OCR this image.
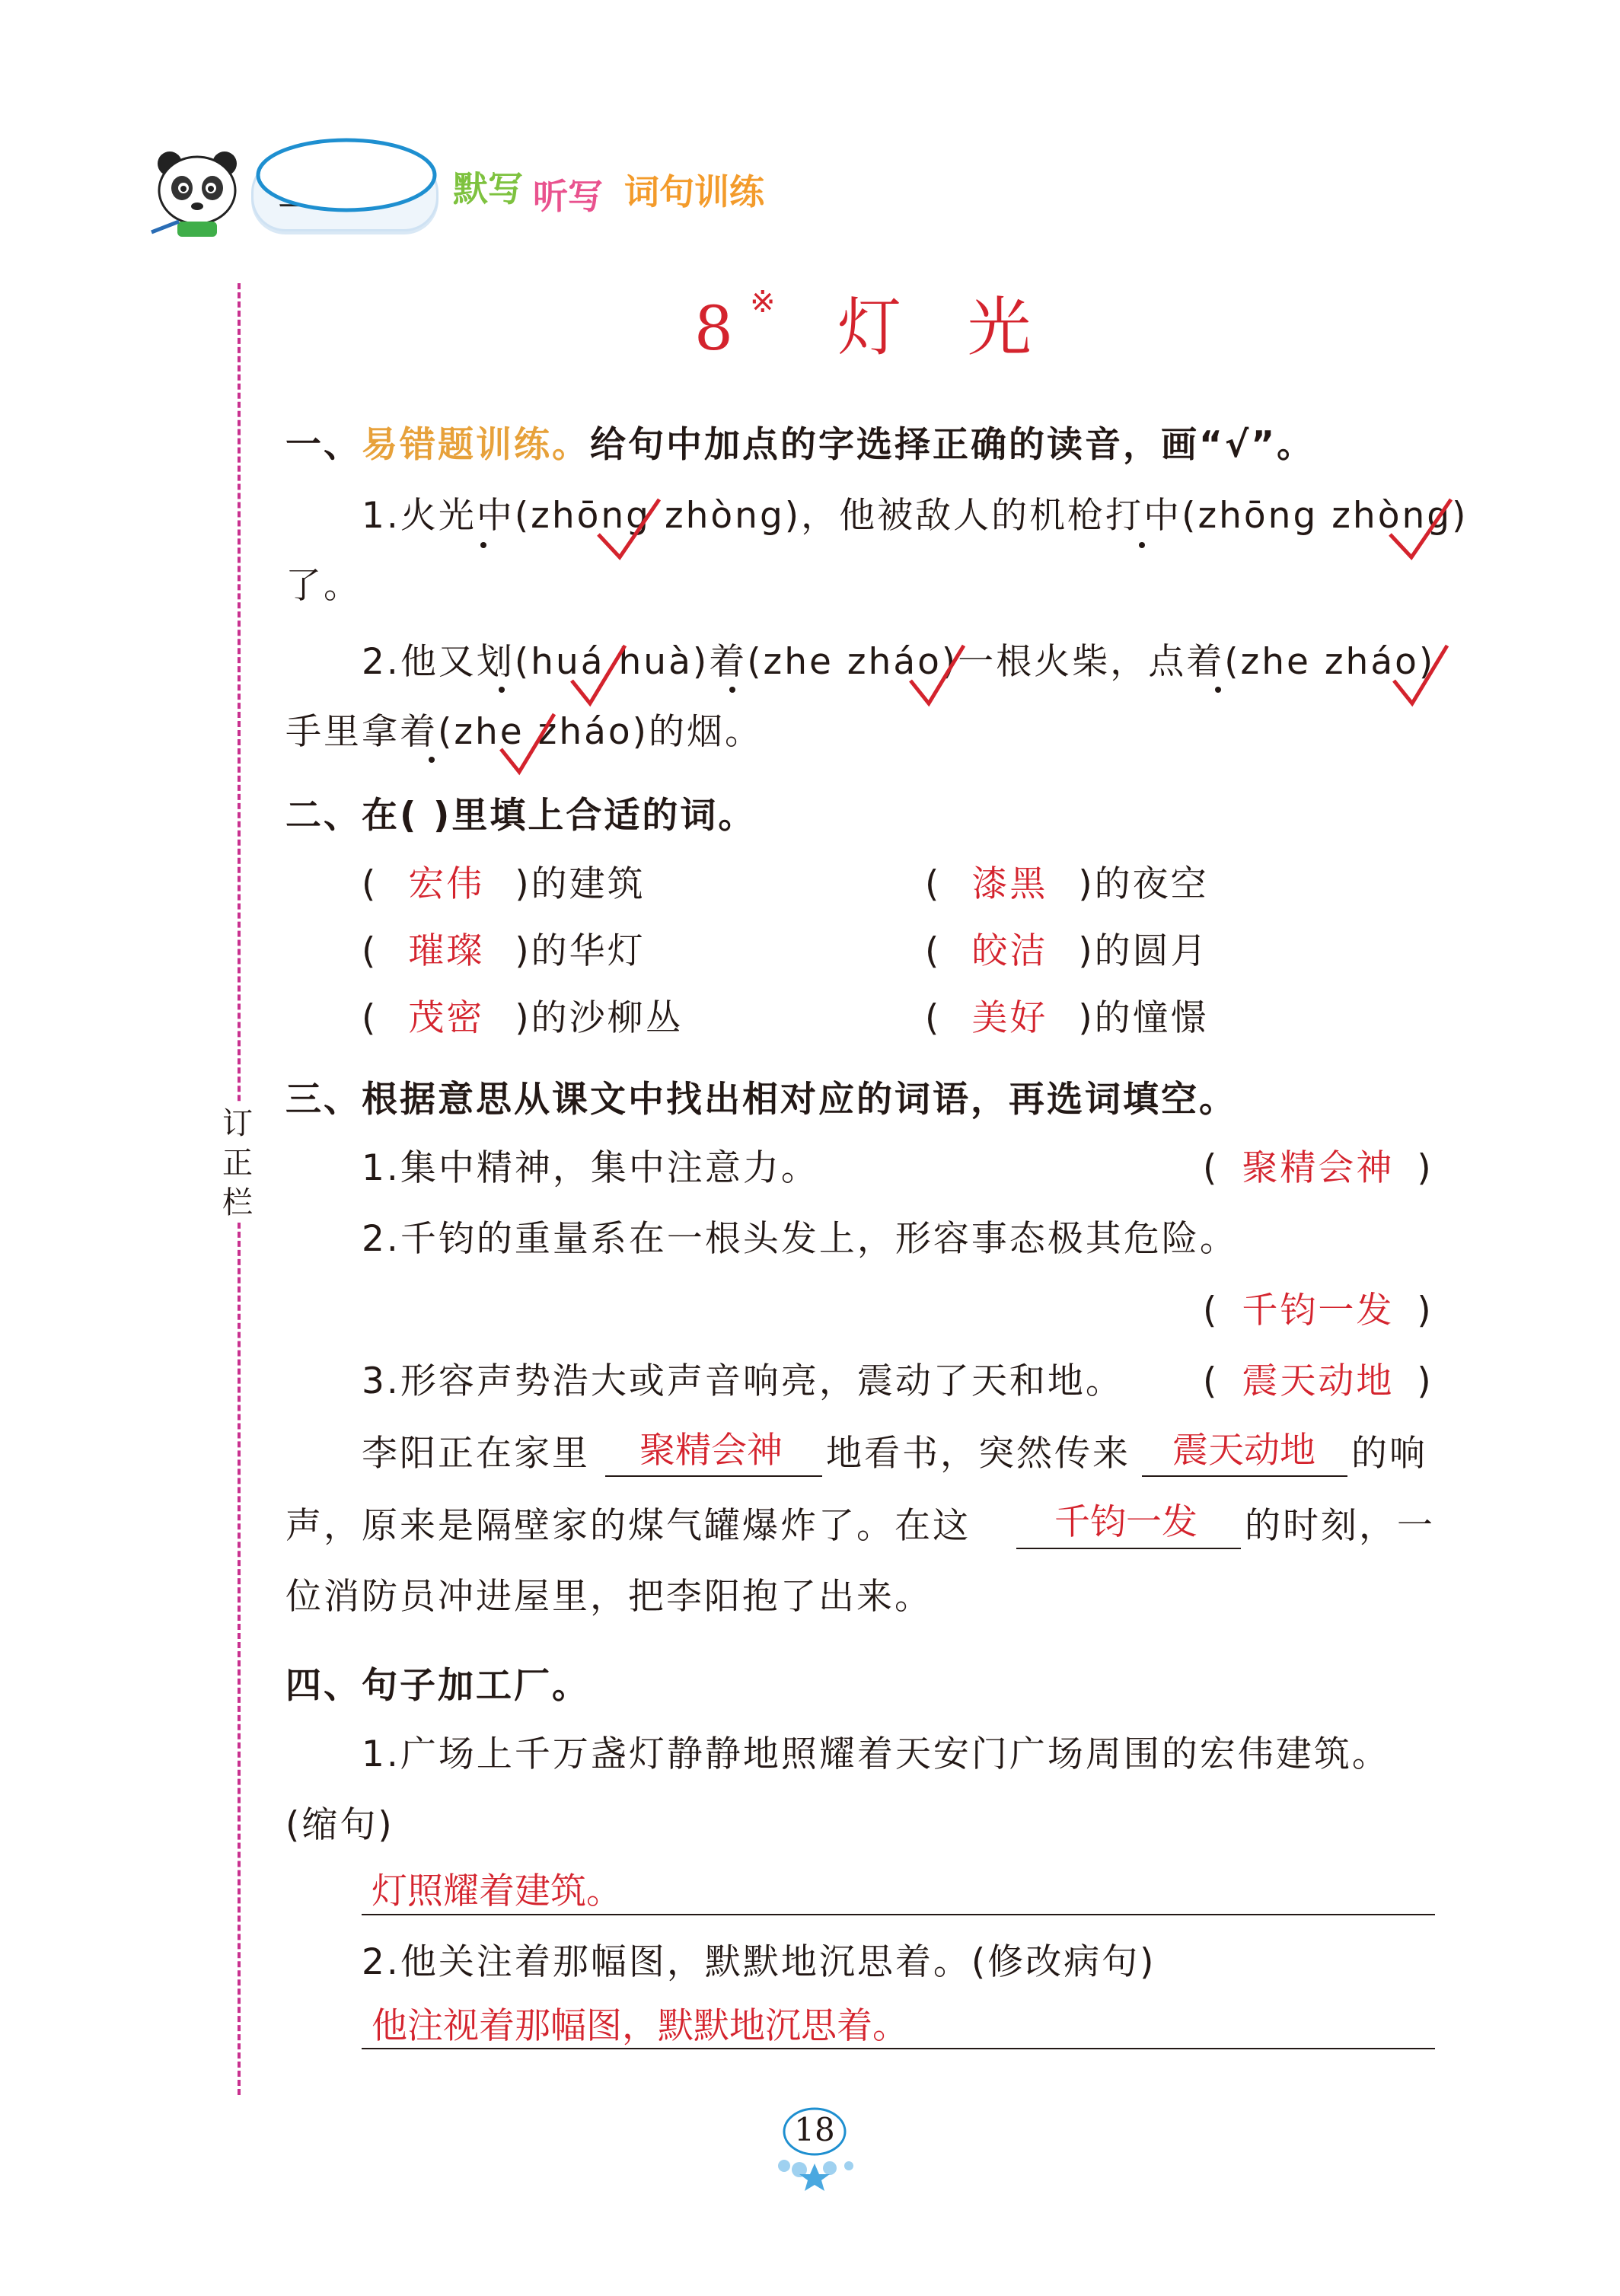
默写 听写 词句训练
8 ※ 灯 光
订
正
栏
一、易错题训练。给句中加点的字选择正确的读音，画“√”。
1.火光中(zhōng zhòng)，他被敌人的机枪打中(zhōng zhòng)
了。
2.他又划(huá huà)着(zhe zháo)一根火柴，点着(zhe zháo)
手里拿着(zhe zháo)的烟。
二、在( )里填上合适的词。
( 宏伟 )的建筑	( 漆黑 )的夜空
( 璀璨 )的华灯	( 皎洁 )的圆月
( 茂密 )的沙柳丛	( 美好 )的憧憬
三、根据意思从课文中找出相对应的词语，再选词填空。
1.集中精神，集中注意力。	( 聚精会神 )
2.千钧的重量系在一根头发上，形容事态极其危险。
( 千钧一发 )
3.形容声势浩大或声音响亮，震动了天和地。 ( 震天动地 )
李阳正在家里 聚精会神 地看书，突然传来 震天动地 的响
声，原来是隔壁家的煤气罐爆炸了。在这 千钧一发 的时刻，一
位消防员冲进屋里，把李阳抱了出来。
四、句子加工厂。
1.广场上千万盏灯静静地照耀着天安门广场周围的宏伟建筑。
(缩句)
灯照耀着建筑。
2.他关注着那幅图，默默地沉思着。(修改病句)
他注视着那幅图，默默地沉思着。
18
